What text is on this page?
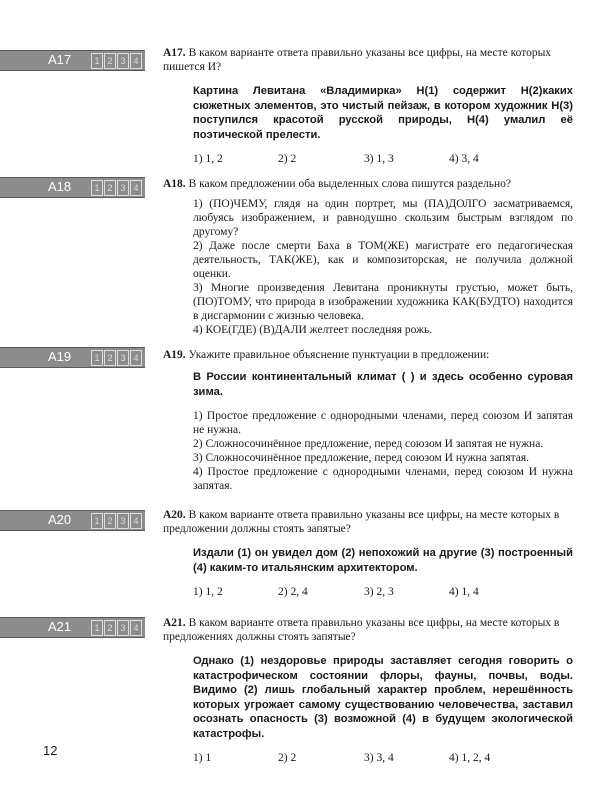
A17	1 2 3 4

А17. В каком варианте ответа правильно указаны все цифры, на месте которых пишется И?

Картина Левитана «Владимирка» Н(1) содержит Н(2)каких сюжетных элементов, это чистый пейзаж, в котором художник Н(3) поступился красотой русской природы, Н(4) умалил её поэтической прелести.
1) 1, 2	2) 2	3) 1, 3	4) 3, 4
A18	1 2 3 4	А18. В каком предложении оба выделенных слова пишутся раздельно?

1) (ПО)ЧЕМУ, глядя на один портрет, мы (ПА)ДОЛГО засматриваемся, любуясь изображением, и равнодушно скользим быстрым взглядом по другому?

2) Даже после смерти Баха в ТОМ(ЖЕ) магистрате его педагогическая деятельность, ТАК(ЖЕ), как и композиторская, не получила должной оценки.

3) Многие произведения Левитана проникнуты грустью, может быть, (ПО)ТОМУ, что природа в изображении художника КАК(БУДТО) находится в дисгармонии с жизнью человека.

4) КОЕ(ГДЕ) (В)ДАЛИ желтеет последняя рожь.

A19	1 2 3 4	А19. Укажите правильное объяснение пунктуации в предложении:

В России континентальный климат ( ) и здесь особенно суровая зима.

1) Простое предложение с однородными членами, перед союзом И запятая не нужна.

2) Сложносочинённое предложение, перед союзом И запятая не нужна.

3) Сложносочинённое предложение, перед союзом И нужна запятая.

4) Простое предложение с однородными членами, перед союзом И нужна запятая.

A20	1 2 3 4	А20. В каком варианте ответа правильно указаны все цифры, на месте которых в предложении должны стоять запятые?

Издали (1) он увидел дом (2) непохожий на другие (3) построенный (4) каким-то итальянским архитектором.
1) 1, 2	2) 2, 4	3) 2, 3	4) 1, 4
A21	1 2 3 4	А21. В каком варианте ответа правильно указаны все цифры, на месте которых в предложениях должны стоять запятые?

Однако (1) нездоровье природы заставляет сегодня говорить о катастрофическом состоянии флоры, фауны, почвы, воды. Видимо (2) лишь глобальный характер проблем, нерешённость которых угрожает самому существованию человечества, заставил осознать опасность (3) возможной (4) в будущем экологической катастрофы.
1) 1	2) 2	3) 3, 4	4) 1, 2, 4
12
